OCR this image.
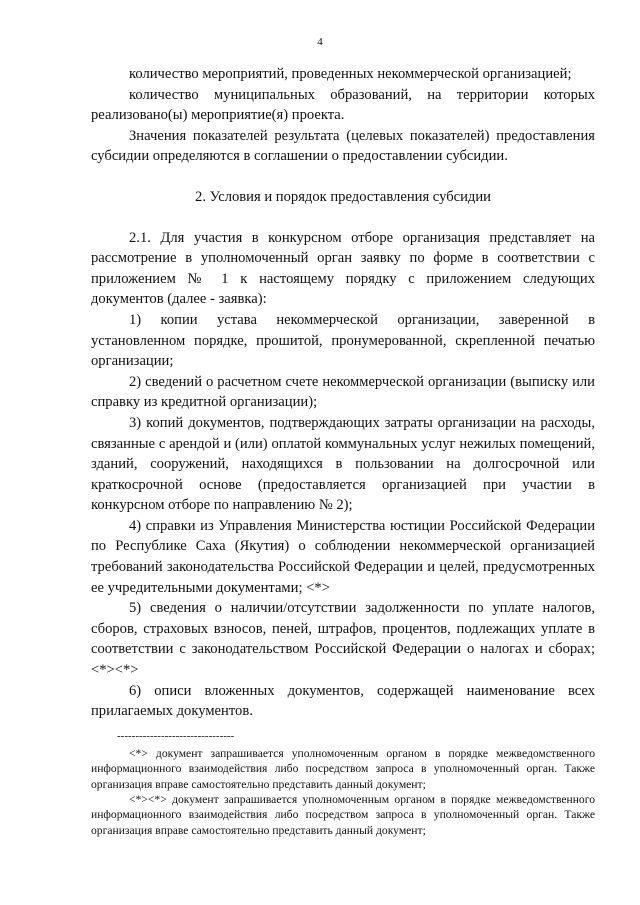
4

количество мероприятий, проведенных некоммерческой организацией;

количество муниципальных образований, на территории которых реализовано(ы) мероприятие(я) проекта.

Значения показателей результата (целевых показателей) предоставления субсидии определяются в соглашении о предоставлении субсидии.

2. Условия и порядок предоставления субсидии

2.1. Для участия в конкурсном отборе организация представляет на рассмотрение в уполномоченный орган заявку по форме в соответствии с приложением № 1 к настоящему порядку с приложением следующих документов (далее - заявка):

1) копии устава некоммерческой организации, заверенной в установленном порядке, прошитой, пронумерованной, скрепленной печатью организации;

2) сведений о расчетном счете некоммерческой организации (выписку или справку из кредитной организации);

3) копий документов, подтверждающих затраты организации на расходы, связанные с арендой и (или) оплатой коммунальных услуг нежилых помещений, зданий, сооружений, находящихся в пользовании на долгосрочной или краткосрочной основе (предоставляется организацией при участии в конкурсном отборе по направлению № 2);

4) справки из Управления Министерства юстиции Российской Федерации по Республике Саха (Якутия) о соблюдении некоммерческой организацией требований законодательства Российской Федерации и целей, предусмотренных ее учредительными документами; <*>

5) сведения о наличии/отсутствии задолженности по уплате налогов, сборов, страховых взносов, пеней, штрафов, процентов, подлежащих уплате в соответствии с законодательством Российской Федерации о налогах и сборах; <*><*>

6) описи вложенных документов, содержащей наименование всех прилагаемых документов.

--------------------------------

<*> документ запрашивается уполномоченным органом в порядке межведомственного информационного взаимодействия либо посредством запроса в уполномоченный орган. Также организация вправе самостоятельно представить данный документ;

<*><*> документ запрашивается уполномоченным органом в порядке межведомственного информационного взаимодействия либо посредством запроса в уполномоченный орган. Также организация вправе самостоятельно представить данный документ;
